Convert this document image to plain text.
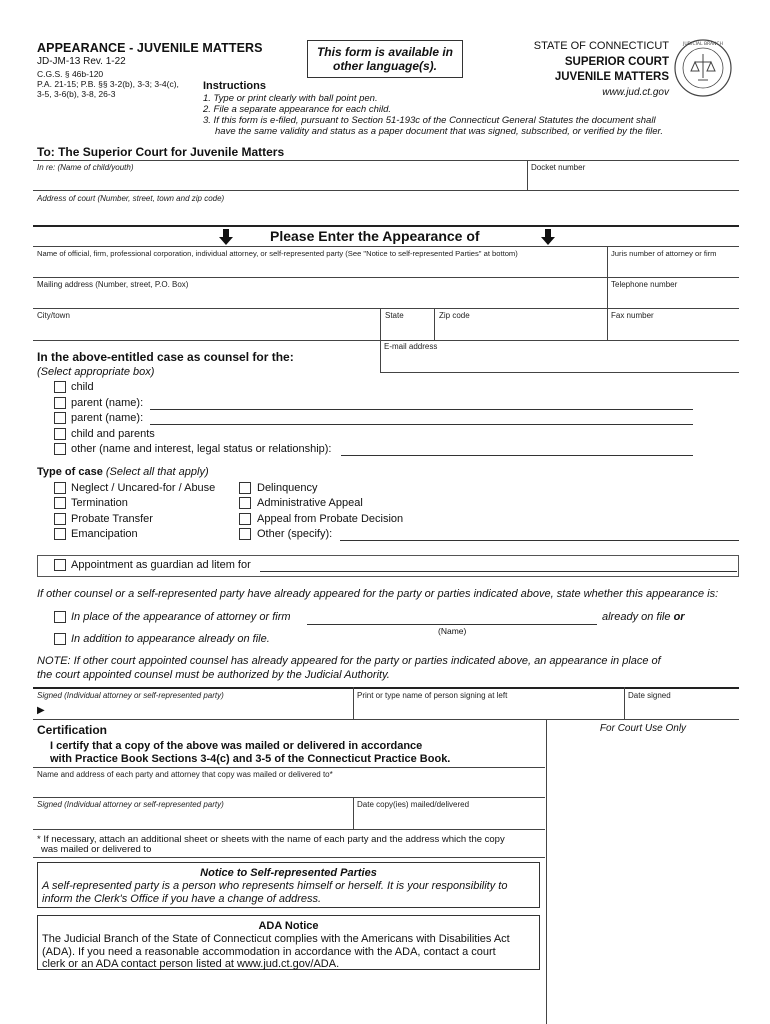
APPEARANCE - JUVENILE MATTERS
JD-JM-13 Rev. 1-22
C.G.S. § 46b-120
P.A. 21-15; P.B. §§ 3-2(b), 3-3; 3-4(c),
3-5, 3-6(b), 3-8, 26-3
This form is available in other language(s).
STATE OF CONNECTICUT
SUPERIOR COURT
JUVENILE MATTERS
www.jud.ct.gov
JUDICIAL BRANCH
Instructions
1. Type or print clearly with ball point pen.
2. File a separate appearance for each child.
3. If this form is e-filed, pursuant to Section 51-193c of the Connecticut General Statutes the document shall
have the same validity and status as a paper document that was signed, subscribed, or verified by the filer.
To: The Superior Court for Juvenile Matters
In re: (Name of child/youth)	Docket number
Address of court (Number, street, town and zip code)
Please Enter the Appearance of
Name of official, firm, professional corporation, individual attorney, or self-represented party (See "Notice to self-represented Parties" at bottom)	Juris number of attorney or firm
Mailing address (Number, street, P.O. Box)	Telephone number
City/town	State	Zip code	Fax number
E-mail address
In the above-entitled case as counsel for the:
(Select appropriate box)
child
parent (name):
parent (name):
child and parents
other (name and interest, legal status or relationship):
Type of case (Select all that apply)
Neglect / Uncared-for / Abuse
Termination
Probate Transfer
Emancipation
Delinquency
Administrative Appeal
Appeal from Probate Decision
Other (specify):
Appointment as guardian ad litem for
If other counsel or a self-represented party have already appeared for the party or parties indicated above, state whether this appearance is:
In place of the appearance of attorney or firm	already on file or
(Name)
In addition to appearance already on file.
NOTE: If other court appointed counsel has already appeared for the party or parties indicated above, an appearance in place of
the court appointed counsel must be authorized by the Judicial Authority.
Signed (Individual attorney or self-represented party)
▶
Print or type name of person signing at left	Date signed
Certification
I certify that a copy of the above was mailed or delivered in accordance
with Practice Book Sections 3-4(c) and 3-5 of the Connecticut Practice Book.
For Court Use Only
Name and address of each party and attorney that copy was mailed or delivered to*
Signed (Individual attorney or self-represented party)	Date copy(ies) mailed/delivered
* If necessary, attach an additional sheet or sheets with the name of each party and the address which the copy
was mailed or delivered to
Notice to Self-represented Parties
A self-represented party is a person who represents himself or herself. It is your responsibility to
inform the Clerk's Office if you have a change of address.
ADA Notice
The Judicial Branch of the State of Connecticut complies with the Americans with Disabilities Act
(ADA). If you need a reasonable accommodation in accordance with the ADA, contact a court
clerk or an ADA contact person listed at www.jud.ct.gov/ADA.
